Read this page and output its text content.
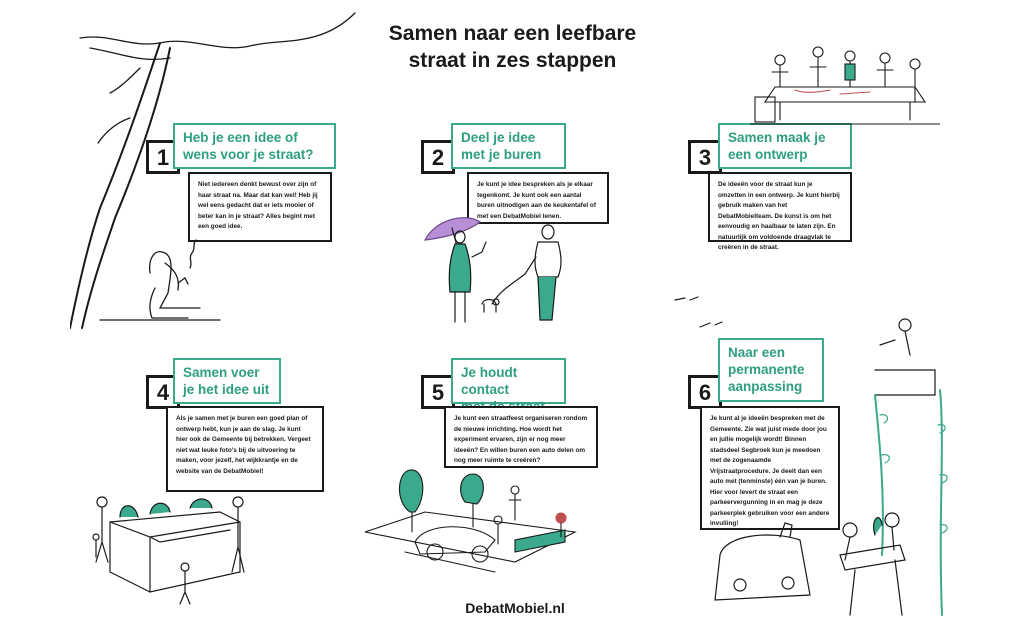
Samen naar een leefbare
straat in zes stappen
1
Heb je een idee of
wens voor je straat?
Niet iedereen denkt bewust over zijn of haar straat na. Maar dat kan wel! Heb jij wel eens gedacht dat er iets mooier of beter kan in je straat? Alles begint met een goed idee.
2
Deel je idee
met je buren
Je kunt je idee bespreken als je elkaar tegenkomt. Je kunt ook een aantal buren uitnodigen aan de keukentafel of met een DebatMobiel lenen.
3
Samen maak je
een ontwerp
De ideeën voor de straat kun je omzetten in een ontwerp. Je kunt hierbij gebruik maken van het DebatMobielteam. De kunst is om het eenvoudig en haalbaar te laten zijn. En natuurlijk om voldoende draagvlak te creëren in de straat.
4
Samen voer
je het idee uit
Als je samen met je buren een goed plan of ontwerp hebt, kun je aan de slag. Je kunt hier ook de Gemeente bij betrekken. Vergeet niet wat leuke foto's bij de uitvoering te maken, voor jezelf, het wijkkrantje en de website van de DebatMobiel!
5
Je houdt contact
Je kunt een straatfeest organiseren rondom de nieuwe inrichting. Hoe wordt het experiment ervaren, zijn er nog meer ideeën? En willen buren een auto delen om nog meer ruimte te creëren?
6
Naar een
permanente
aanpassing
Je kunt al je ideeën bespreken met de Gemeente. Zie wat juist mede door jou en jullie mogelijk wordt! Binnen stadsdeel Segbroek kun je meedoen met de zogenaamde Vrijstraatprocedure. Je deelt dan een auto met (tenminste) één van je buren. Hier voor levert de straat een parkeervergunning in en mag je deze parkeerplek gebruiken voor een andere invulling!
DebatMobiel.nl
